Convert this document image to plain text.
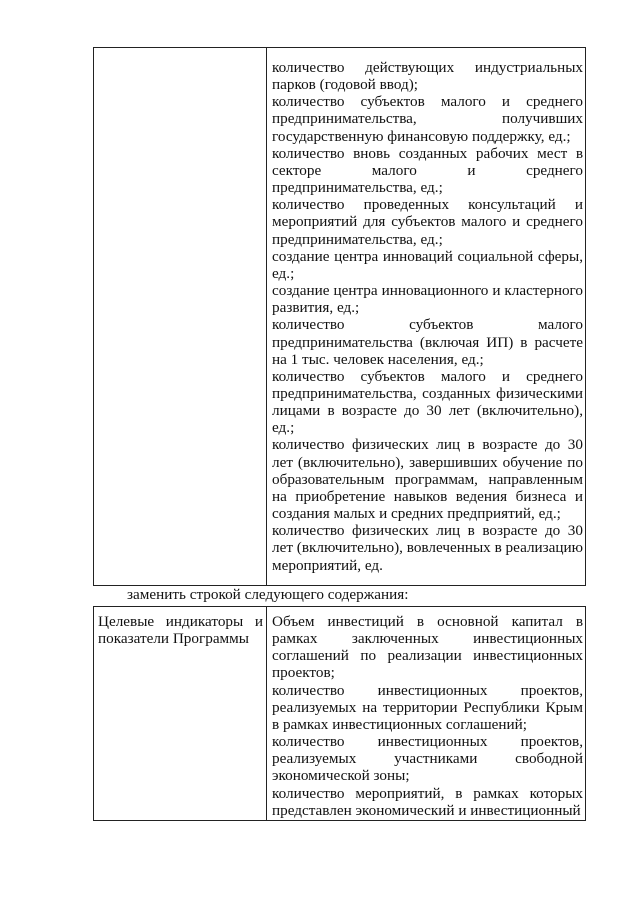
количество действующих индустриальных парков (годовой ввод);

количество субъектов малого и среднего предпринимательства, получивших государственную финансовую поддержку, ед.;

количество вновь созданных рабочих мест в секторе малого и среднего предпринимательства, ед.;

количество проведенных консультаций и мероприятий для субъектов малого и среднего предпринимательства, ед.;

создание центра инноваций социальной сферы, ед.;

создание центра инновационного и кластерного развития, ед.;

количество субъектов малого предпринимательства (включая ИП) в расчете на 1 тыс. человек населения, ед.;

количество субъектов малого и среднего предпринимательства, созданных физическими лицами в возрасте до 30 лет (включительно), ед.;

количество физических лиц в возрасте до 30 лет (включительно), завершивших обучение по образовательным программам, направленным на приобретение навыков ведения бизнеса и создания малых и средних предприятий, ед.;

количество физических лиц в возрасте до 30 лет (включительно), вовлеченных в реализацию мероприятий, ед.

заменить строкой следующего содержания:

Целевые индикаторы и показатели Программы

Объем инвестиций в основной капитал в рамках заключенных инвестиционных соглашений по реализации инвестиционных проектов;

количество инвестиционных проектов, реализуемых на территории Республики Крым в рамках инвестиционных соглашений;

количество инвестиционных проектов, реализуемых участниками свободной экономической зоны;

количество мероприятий, в рамках которых представлен экономический и инвестиционный
